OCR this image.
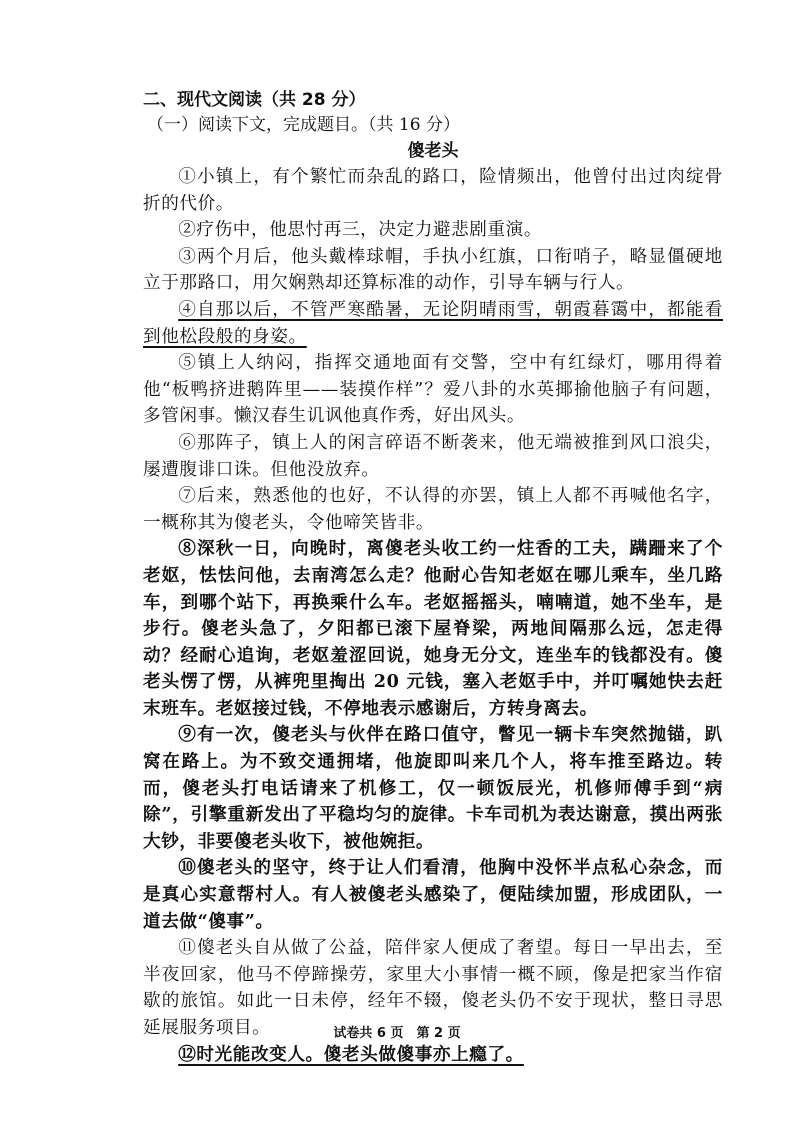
二、现代文阅读（共 28 分）

（一）阅读下文，完成题目。（共 16 分）

傻老头

①小镇上，有个繁忙而杂乱的路口，险情频出，他曾付出过肉绽骨折的代价。

②疗伤中，他思忖再三，决定力避悲剧重演。

③两个月后，他头戴棒球帽，手执小红旗，口衔哨子，略显僵硬地立于那路口，用欠娴熟却还算标准的动作，引导车辆与行人。

④自那以后，不管严寒酷暑，无论阴晴雨雪，朝霞暮霭中，都能看到他松段般的身姿。

⑤镇上人纳闷，指挥交通地面有交警，空中有红绿灯，哪用得着他“板鸭挤进鹅阵里——装摸作样”？爱八卦的水英揶揄他脑子有问题，多管闲事。懒汉春生讥讽他真作秀，好出风头。

⑥那阵子，镇上人的闲言碎语不断袭来，他无端被推到风口浪尖，屡遭腹诽口诛。但他没放弃。

⑦后来，熟悉他的也好，不认得的亦罢，镇上人都不再喊他名字，一概称其为傻老头，令他啼笑皆非。

⑧深秋一日，向晚时，离傻老头收工约一炷香的工夫，蹒跚来了个老妪，怯怯问他，去南湾怎么走？他耐心告知老妪在哪儿乘车，坐几路车，到哪个站下，再换乘什么车。老妪摇摇头，喃喃道，她不坐车，是步行。傻老头急了，夕阳都已滚下屋脊梁，两地间隔那么远，怎走得动？经耐心追询，老妪羞涩回说，她身无分文，连坐车的钱都没有。傻老头愣了愣，从裤兜里掏出 20 元钱，塞入老妪手中，并叮嘱她快去赶末班车。老妪接过钱，不停地表示感谢后，方转身离去。

⑨有一次，傻老头与伙伴在路口值守，瞥见一辆卡车突然抛锚，趴窝在路上。为不致交通拥堵，他旋即叫来几个人，将车推至路边。转而，傻老头打电话请来了机修工，仅一顿饭辰光，机修师傅手到“病除”，引擎重新发出了平稳均匀的旋律。卡车司机为表达谢意，摸出两张大钞，非要傻老头收下，被他婉拒。

⑩傻老头的坚守，终于让人们看清，他胸中没怀半点私心杂念，而是真心实意帮村人。有人被傻老头感染了，便陆续加盟，形成团队，一道去做“傻事”。

⑪傻老头自从做了公益，陪伴家人便成了奢望。每日一早出去，至半夜回家，他马不停蹄操劳，家里大小事情一概不顾，像是把家当作宿歇的旅馆。如此一日未停，经年不辍，傻老头仍不安于现状，整日寻思延展服务项目。

⑫时光能改变人。傻老头做傻事亦上瘾了。

试卷共 6 页　第 2 页
